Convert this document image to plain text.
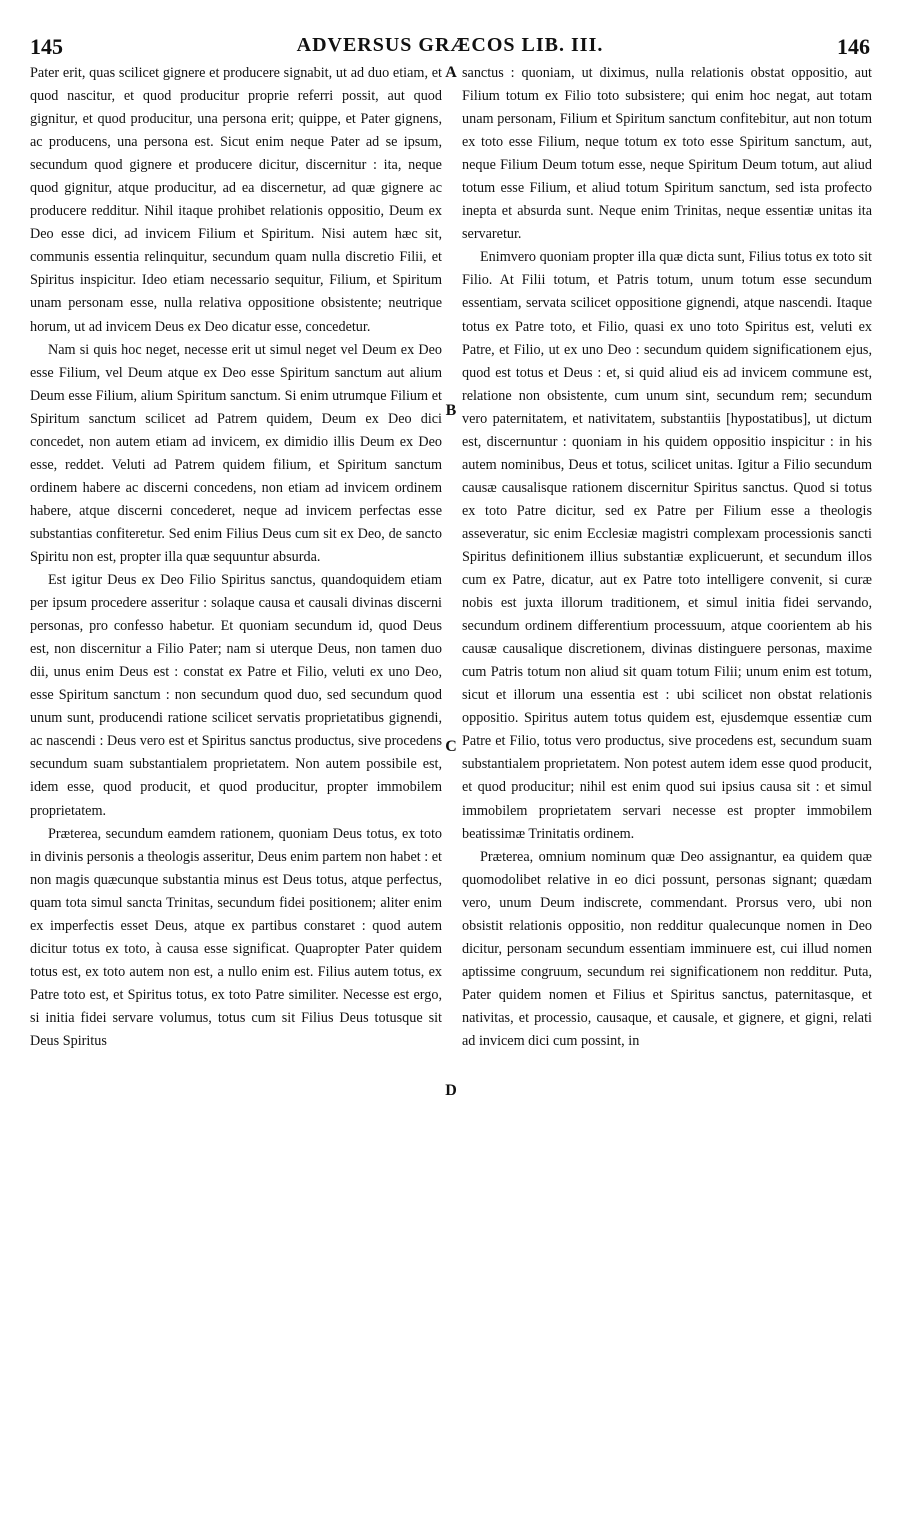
145	ADVERSUS GRÆCOS LIB. III.	146

Pater erit, quas scilicet gignere et producere signabit, ut ad duo etiam, et quod nascitur, et quod producitur proprie referri possit, aut quod gignitur, et quod producitur, una persona erit; quippe, et Pater gignens, ac producens, una persona est. Sicut enim neque Pater ad se ipsum, secundum quod gignere et producere dicitur, discernitur : ita, neque quod gignitur, atque producitur, ad ea discernetur, ad quæ gignere ac producere redditur. Nihil itaque prohibet relationis oppositio, Deum ex Deo esse dici, ad invicem Filium et Spiritum. Nisi autem hæc sit, communis essentia relinquitur, secundum quam nulla discretio Filii, et Spiritus inspicitur. Ideo etiam necessario sequitur, Filium, et Spiritum unam personam esse, nulla relativa oppositione obsistente; neutrique horum, ut ad invicem Deus ex Deo dicatur esse, concedetur.

Nam si quis hoc neget, necesse erit ut simul neget vel Deum ex Deo esse Filium, vel Deum atque ex Deo esse Spiritum sanctum aut alium Deum esse Filium, alium Spiritum sanctum. Si enim utrumque Filium et Spiritum sanctum scilicet ad Patrem quidem, Deum ex Deo dici concedet, non autem etiam ad invicem, ex dimidio illis Deum ex Deo esse, reddet. Veluti ad Patrem quidem filium, et Spiritum sanctum ordinem habere ac discerni concedens, non etiam ad invicem ordinem habere, atque discerni concederet, neque ad invicem perfectas esse substantias confiteretur. Sed enim Filius Deus cum sit ex Deo, de sancto Spiritu non est, propter illa quæ sequuntur absurda.

Est igitur Deus ex Deo Filio Spiritus sanctus, quandoquidem etiam per ipsum procedere asseritur : solaque causa et causali divinas discerni personas, pro confesso habetur. Et quoniam secundum id, quod Deus est, non discernitur a Filio Pater; nam si uterque Deus, non tamen duo dii, unus enim Deus est : constat ex Patre et Filio, veluti ex uno Deo, esse Spiritum sanctum : non secundum quod duo, sed secundum quod unum sunt, producendi ratione scilicet servatis proprietatibus gignendi, ac nascendi : Deus vero est et Spiritus sanctus productus, sive procedens secundum suam substantialem proprietatem. Non autem possibile est, idem esse, quod producit, et quod producitur, propter immobilem proprietatem.

Præterea, secundum eamdem rationem, quoniam Deus totus, ex toto in divinis personis a theologis asseritur, Deus enim partem non habet : et non magis quæcunque substantia minus est Deus totus, atque perfectus, quam tota simul sancta Trinitas, secundum fidei positionem; aliter enim ex imperfectis esset Deus, atque ex partibus constaret : quod autem dicitur totus ex toto, à causa esse significat. Quapropter Pater quidem totus est, ex toto autem non est, a nullo enim est. Filius autem totus, ex Patre toto est, et Spiritus totus, ex toto Patre similiter. Necesse est ergo, si initia fidei servare volumus, totus cum sit Filius Deus totusque sit Deus Spiritus

A
B
C
D

sanctus : quoniam, ut diximus, nulla relationis obstat oppositio, aut Filium totum ex Filio toto subsistere; qui enim hoc negat, aut totam unam personam, Filium et Spiritum sanctum confitebitur, aut non totum ex toto esse Filium, neque totum ex toto esse Spiritum sanctum, aut, neque Filium Deum totum esse, neque Spiritum Deum totum, aut aliud totum esse Filium, et aliud totum Spiritum sanctum, sed ista profecto inepta et absurda sunt. Neque enim Trinitas, neque essentiæ unitas ita servaretur.

Enimvero quoniam propter illa quæ dicta sunt, Filius totus ex toto sit Filio. At Filii totum, et Patris totum, unum totum esse secundum essentiam, servata scilicet oppositione gignendi, atque nascendi. Itaque totus ex Patre toto, et Filio, quasi ex uno toto Spiritus est, veluti ex Patre, et Filio, ut ex uno Deo : secundum quidem significationem ejus, quod est totus et Deus : et, si quid aliud eis ad invicem commune est, relatione non obsistente, cum unum sint, secundum rem; secundum vero paternitatem, et nativitatem, substantiis [hypostatibus], ut dictum est, discernuntur : quoniam in his quidem oppositio inspicitur : in his autem nominibus, Deus et totus, scilicet unitas. Igitur a Filio secundum causæ causalisque rationem discernitur Spiritus sanctus. Quod si totus ex toto Patre dicitur, sed ex Patre per Filium esse a theologis asseveratur, sic enim Ecclesiæ magistri complexam processionis sancti Spiritus definitionem illius substantiæ explicuerunt, et secundum illos cum ex Patre, dicatur, aut ex Patre toto intelligere convenit, si curæ nobis est juxta illorum traditionem, et simul initia fidei servando, secundum ordinem differentium processuum, atque coorientem ab his causæ causalique discretionem, divinas distinguere personas, maxime cum Patris totum non aliud sit quam totum Filii; unum enim est totum, sicut et illorum una essentia est : ubi scilicet non obstat relationis oppositio. Spiritus autem totus quidem est, ejusdemque essentiæ cum Patre et Filio, totus vero productus, sive procedens est, secundum suam substantialem proprietatem. Non potest autem idem esse quod producit, et quod producitur; nihil est enim quod sui ipsius causa sit : et simul immobilem proprietatem servari necesse est propter immobilem beatissimæ Trinitatis ordinem.

Præterea, omnium nominum quæ Deo assignantur, ea quidem quæ quomodolibet relative in eo dici possunt, personas signant; quædam vero, unum Deum indiscrete, commendant. Prorsus vero, ubi non obsistit relationis oppositio, non redditur qualecunque nomen in Deo dicitur, personam secundum essentiam imminuere est, cui illud nomen aptissime congruum, secundum rei significationem non redditur. Puta, Pater quidem nomen et Filius et Spiritus sanctus, paternitasque, et nativitas, et processio, causaque, et causale, et gignere, et gigni, relati ad invicem dici cum possint, in
